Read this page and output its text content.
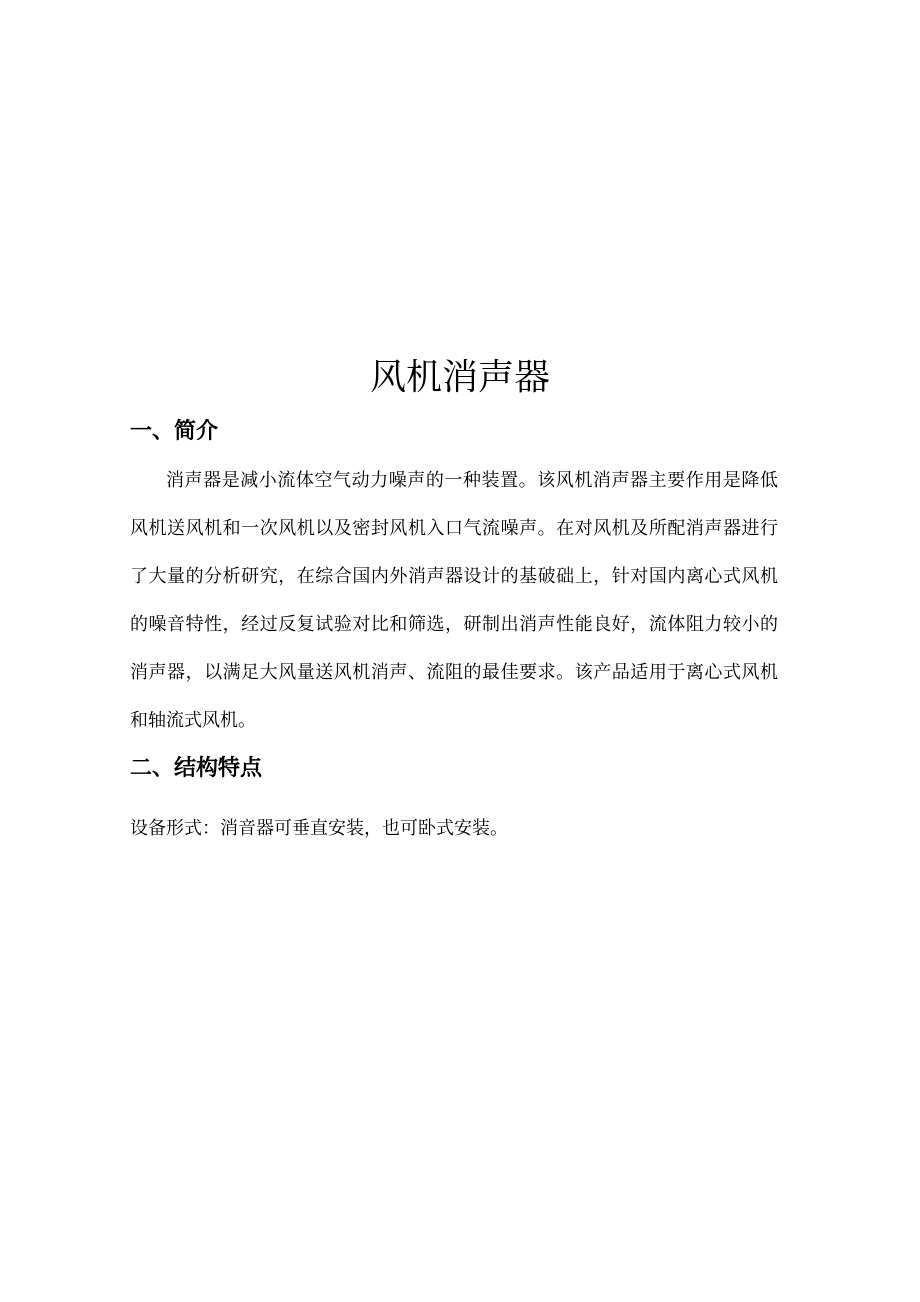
风机消声器
一、简介
消声器是减小流体空气动力噪声的一种装置。该风机消声器主要作用是降低
风机送风机和一次风机以及密封风机入口气流噪声。在对风机及所配消声器进行
了大量的分析研究，在综合国内外消声器设计的基破础上，针对国内离心式风机
的噪音特性，经过反复试验对比和筛选，研制出消声性能良好，流体阻力较小的
消声器，以满足大风量送风机消声、流阻的最佳要求。该产品适用于离心式风机
和轴流式风机。
二、结构特点
设备形式：消音器可垂直安装，也可卧式安装。
